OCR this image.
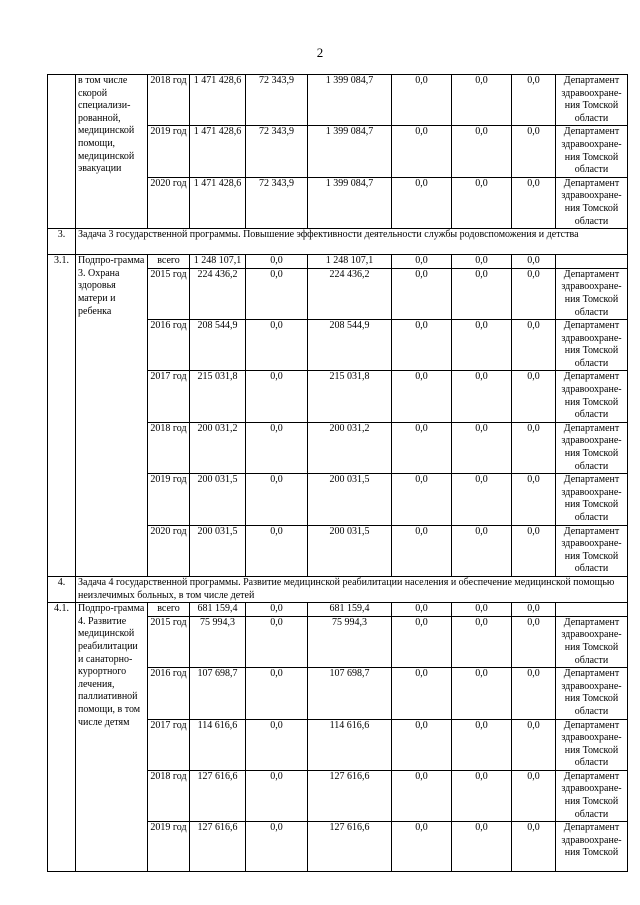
2
	в том числе скорой специализи-рованной, медицинской помощи, медицинской эвакуации	2018 год	1 471 428,6	72 343,9	1 399 084,7	0,0	0,0	0,0	Департамент здравоохране-ния Томской области
		2019 год	1 471 428,6	72 343,9	1 399 084,7	0,0	0,0	0,0	Департамент здравоохране-ния Томской области
		2020 год	1 471 428,6	72 343,9	1 399 084,7	0,0	0,0	0,0	Департамент здравоохране-ния Томской области
3.	Задача 3 государственной программы. Повышение эффективности деятельности службы родовспоможения и детства								
3.1.	Подпро-грамма 3. Охрана здоровья матери и ребенка	всего	1 248 107,1	0,0	1 248 107,1	0,0	0,0	0,0	
		2015 год	224 436,2	0,0	224 436,2	0,0	0,0	0,0	Департамент здравоохране-ния Томской области
		2016 год	208 544,9	0,0	208 544,9	0,0	0,0	0,0	Департамент здравоохране-ния Томской области
		2017 год	215 031,8	0,0	215 031,8	0,0	0,0	0,0	Департамент здравоохране-ния Томской области
		2018 год	200 031,2	0,0	200 031,2	0,0	0,0	0,0	Департамент здравоохране-ния Томской области
		2019 год	200 031,5	0,0	200 031,5	0,0	0,0	0,0	Департамент здравоохране-ния Томской области
		2020 год	200 031,5	0,0	200 031,5	0,0	0,0	0,0	Департамент здравоохране-ния Томской области
4.	Задача 4 государственной программы. Развитие медицинской реабилитации населения и обеспечение медицинской помощью неизлечимых больных, в том числе детей								
4.1.	Подпро-грамма 4. Развитие медицинской реабилитации и санаторно-курортного лечения, паллиативной помощи, в том числе детям	всего	681 159,4	0,0	681 159,4	0,0	0,0	0,0	
		2015 год	75 994,3	0,0	75 994,3	0,0	0,0	0,0	Департамент здравоохране-ния Томской области
		2016 год	107 698,7	0,0	107 698,7	0,0	0,0	0,0	Департамент здравоохране-ния Томской области
		2017 год	114 616,6	0,0	114 616,6	0,0	0,0	0,0	Департамент здравоохране-ния Томской области
		2018 год	127 616,6	0,0	127 616,6	0,0	0,0	0,0	Департамент здравоохране-ния Томской области
		2019 год	127 616,6	0,0	127 616,6	0,0	0,0	0,0	Департамент здравоохране-ния Томской
